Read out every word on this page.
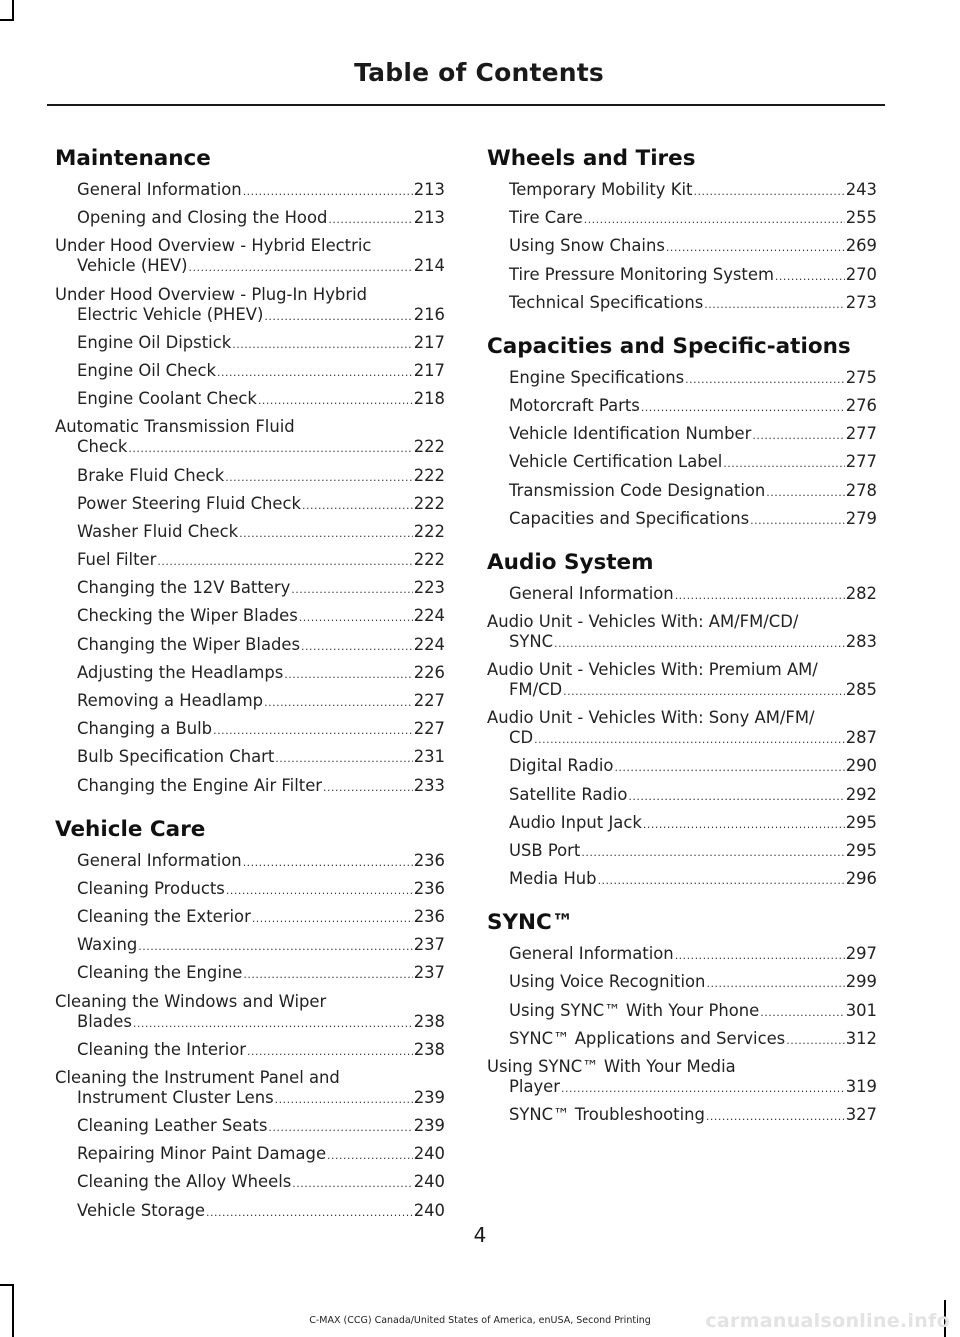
Table of Contents
Maintenance
General Information .....	213
Opening and Closing the Hood .....	213
Under Hood Overview - Hybrid Electric
Vehicle (HEV) .....	214
Under Hood Overview - Plug-In Hybrid
Electric Vehicle (PHEV) .....	216
Engine Oil Dipstick .....	217
Engine Oil Check .....	217
Engine Coolant Check .....	218
Automatic Transmission Fluid
Check .....	222
Brake Fluid Check .....	222
Power Steering Fluid Check .....	222
Washer Fluid Check .....	222
Fuel Filter .....	222
Changing the 12V Battery .....	223
Checking the Wiper Blades .....	224
Changing the Wiper Blades .....	224
Adjusting the Headlamps .....	226
Removing a Headlamp .....	227
Changing a Bulb .....	227
Bulb Specification Chart .....	231
Changing the Engine Air Filter .....	233
Vehicle Care
General Information .....	236
Cleaning Products .....	236
Cleaning the Exterior .....	236
Waxing .....	237
Cleaning the Engine .....	237
Cleaning the Windows and Wiper
Blades .....	238
Cleaning the Interior .....	238
Cleaning the Instrument Panel and
Instrument Cluster Lens .....	239
Cleaning Leather Seats .....	239
Repairing Minor Paint Damage .....	240
Cleaning the Alloy Wheels .....	240
Vehicle Storage .....	240
Wheels and Tires
Temporary Mobility Kit .....	243
Tire Care .....	255
Using Snow Chains .....	269
Tire Pressure Monitoring System .....	270
Technical Specifications .....	273
Capacities and Specific-ations
Engine Specifications .....	275
Motorcraft Parts .....	276
Vehicle Identification Number .....	277
Vehicle Certification Label .....	277
Transmission Code Designation .....	278
Capacities and Specifications .....	279
Audio System
General Information .....	282
Audio Unit - Vehicles With: AM/FM/CD/
SYNC .....	283
Audio Unit - Vehicles With: Premium AM/
FM/CD .....	285
Audio Unit - Vehicles With: Sony AM/FM/
CD .....	287
Digital Radio .....	290
Satellite Radio .....	292
Audio Input Jack .....	295
USB Port .....	295
Media Hub .....	296
SYNC™
General Information .....	297
Using Voice Recognition .....	299
Using SYNC™ With Your Phone .....	301
SYNC™ Applications and Services .....	312
Using SYNC™ With Your Media
Player .....	319
SYNC™ Troubleshooting .....	327
4
C-MAX (CCG) Canada/United States of America, enUSA, Second Printing	carmanualsonline.info
